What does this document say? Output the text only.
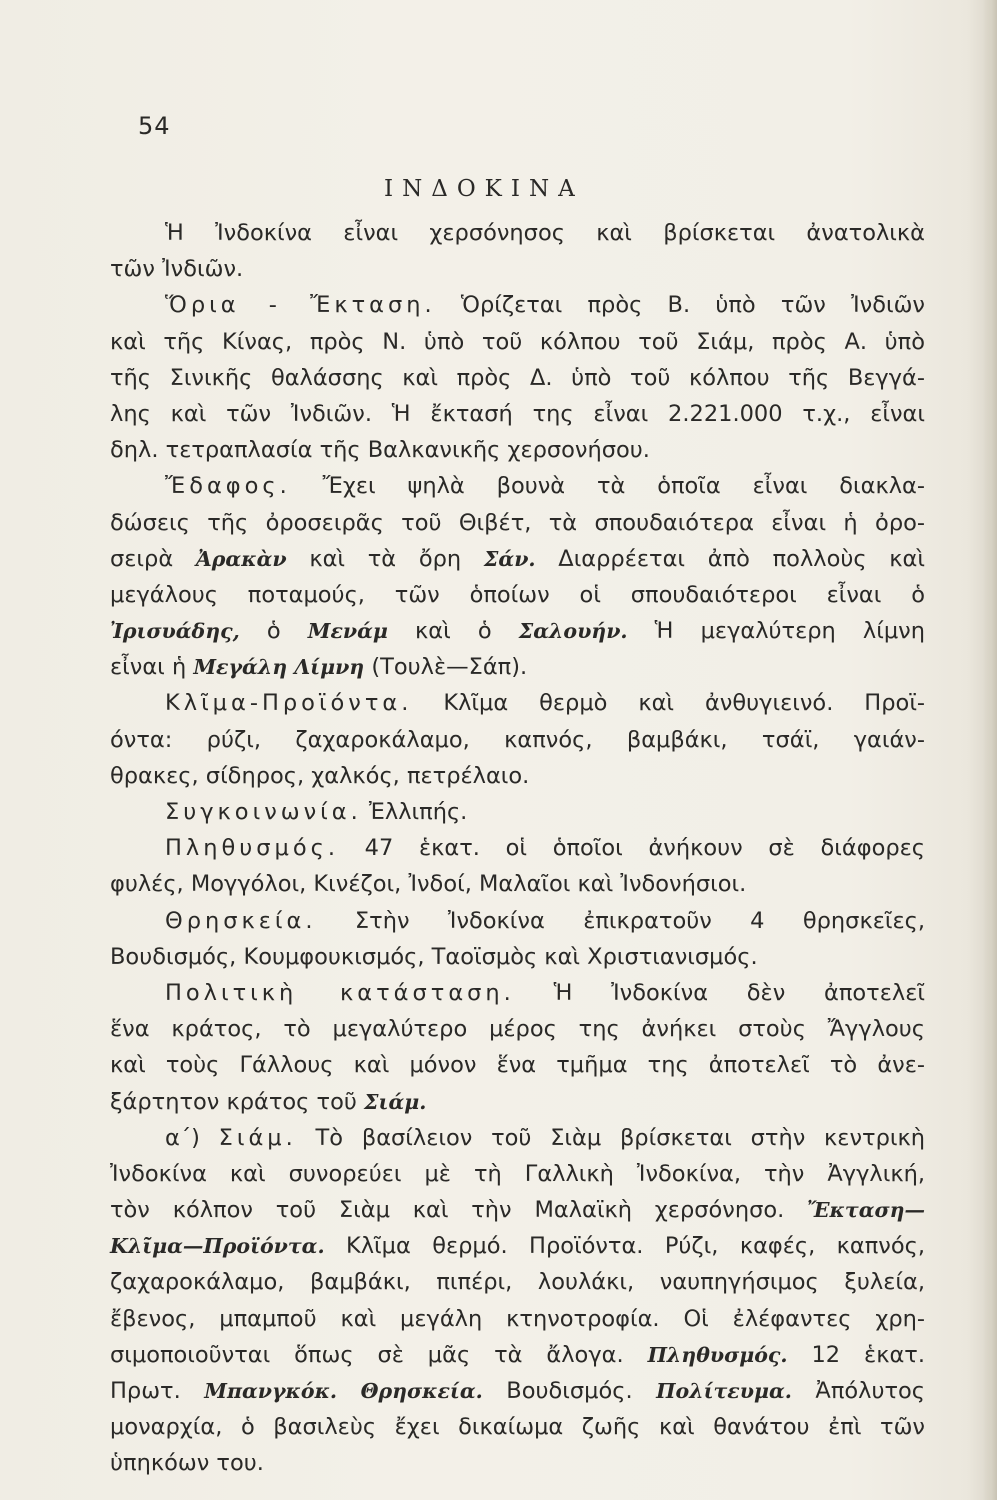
54
ΙΝΔΟΚΙΝΑ
Ἡ Ἰνδοκίνα εἶναι χερσόνησος καὶ βρίσκεται ἀνατολικὰ
τῶν Ἰνδιῶν.
Ὅρια - Ἔκταση. Ὁρίζεται πρὸς Β. ὑπὸ τῶν Ἰνδιῶν
καὶ τῆς Κίνας, πρὸς Ν. ὑπὸ τοῦ κόλπου τοῦ Σιάμ, πρὸς Α. ὑπὸ
τῆς Σινικῆς θαλάσσης καὶ πρὸς Δ. ὑπὸ τοῦ κόλπου τῆς Βεγγά-
λης καὶ τῶν Ἰνδιῶν. Ἡ ἔκτασή της εἶναι 2.221.000 τ.χ., εἶναι
δηλ. τετραπλασία τῆς Βαλκανικῆς χερσονήσου.
Ἔδαφος. Ἔχει ψηλὰ βουνὰ τὰ ὁποῖα εἶναι διακλα-
δώσεις τῆς ὀροσειρᾶς τοῦ Θιβέτ, τὰ σπουδαιότερα εἶναι ἡ ὀρο-
σειρὰ Ἀρακὰν καὶ τὰ ὄρη Σάν. Διαρρέεται ἀπὸ πολλοὺς καὶ
μεγάλους ποταμούς, τῶν ὁποίων οἱ σπουδαιότεροι εἶναι ὁ
Ἰρισυάδης, ὁ Μενάμ καὶ ὁ Σαλουήν. Ἡ μεγαλύτερη λίμνη
εἶναι ἡ Μεγάλη Λίμνη (Τουλὲ—Σάπ).
Κλῖμα-Προϊόντα. Κλῖμα θερμὸ καὶ ἀνθυγιεινό. Προϊ-
όντα: ρύζι, ζαχαροκάλαμο, καπνός, βαμβάκι, τσάϊ, γαιάν-
θρακες, σίδηρος, χαλκός, πετρέλαιο.
Συγκοινωνία. Ἐλλιπής.
Πληθυσμός. 47 ἑκατ. οἱ ὁποῖοι ἀνήκουν σὲ διάφορες
φυλές, Μογγόλοι, Κινέζοι, Ἰνδοί, Μαλαῖοι καὶ Ἰνδονήσιοι.
Θρησκεία. Στὴν Ἰνδοκίνα ἐπικρατοῦν 4 θρησκεῖες,
Βουδισμός, Κουμφουκισμός, Ταοϊσμὸς καὶ Χριστιανισμός.
Πολιτικὴ κατάσταση. Ἡ Ἰνδοκίνα δὲν ἀποτελεῖ
ἕνα κράτος, τὸ μεγαλύτερο μέρος της ἀνήκει στοὺς Ἄγγλους
καὶ τοὺς Γάλλους καὶ μόνον ἕνα τμῆμα της ἀποτελεῖ τὸ ἀνε-
ξάρτητον κράτος τοῦ Σιάμ.
α΄) Σιάμ. Τὸ βασίλειον τοῦ Σιὰμ βρίσκεται στὴν κεντρικὴ
Ἰνδοκίνα καὶ συνορεύει μὲ τὴ Γαλλικὴ Ἰνδοκίνα, τὴν Ἀγγλική,
τὸν κόλπον τοῦ Σιὰμ καὶ τὴν Μαλαϊκὴ χερσόνησο. Ἔκταση—
Κλῖμα—Προϊόντα. Κλῖμα θερμό. Προϊόντα. Ρύζι, καφές, καπνός,
ζαχαροκάλαμο, βαμβάκι, πιπέρι, λουλάκι, ναυπηγήσιμος ξυλεία,
ἔβενος, μπαμποῦ καὶ μεγάλη κτηνοτροφία. Οἱ ἐλέφαντες χρη-
σιμοποιοῦνται ὅπως σὲ μᾶς τὰ ἄλογα. Πληθυσμός. 12 ἑκατ.
Πρωτ. Μπανγκόκ. Θρησκεία. Βουδισμός. Πολίτευμα. Ἀπόλυτος
μοναρχία, ὁ βασιλεὺς ἔχει δικαίωμα ζωῆς καὶ θανάτου ἐπὶ τῶν
ὑπηκόων του.
